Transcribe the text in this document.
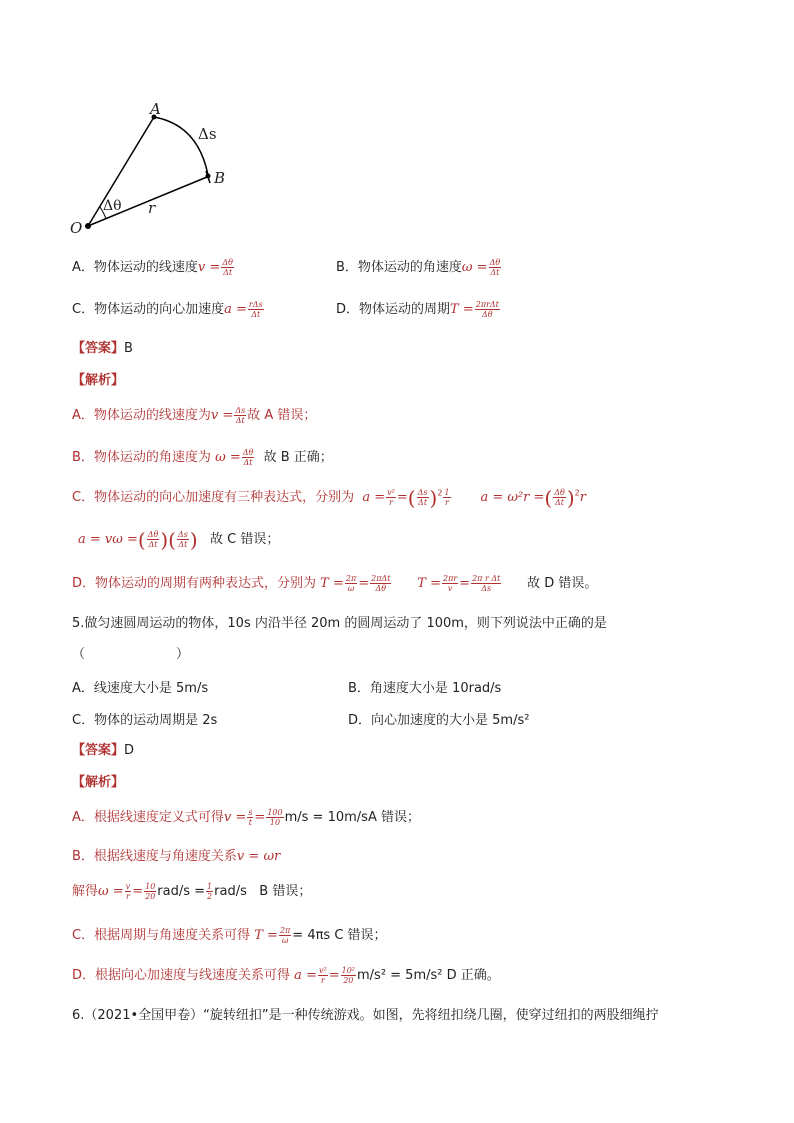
A
Δs
B
Δθ r
O
A．物体运动的线速度$v = \frac{\Delta\theta}{\Delta t}$	B．物体运动的角速度$\omega = \frac{\Delta\theta}{\Delta t}$
C．物体运动的向心加速度$a = \frac{\text{rΔs}}{\Delta t}$	D．物体运动的周期$T = \frac{\text{2πrΔt}}{\Delta\theta}$
【答案】B
【解析】
A．物体运动的线速度为$v = \frac{\Delta s}{\Delta t}$ 故 A 错误；
B．物体运动的角速度为 $\omega = \frac{\Delta\theta}{\Delta t}$ 故 B 正确；
C．物体运动的向心加速度有三种表达式，分别为 $a = \frac{\text{v²}}{r}$ =( $\frac{\Delta s}{\Delta t} )^2 \frac{1}{r}$ a = ω²r =( $\frac{\Delta\theta}{\Delta t} )^2r$
a = vω =( $\frac{\Delta\theta}{\Delta t}$ )( $\frac{\Delta s}{\Delta t}$ ) 故 C 错误；
D．物体运动的周期有两种表达式，分别为 $T = \frac{2\pi}{\omega} = \frac{\text{2πΔt}}{\Delta\theta}$ $T = \frac{2\pi r}{v} = \frac{\text{2π r Δt}}{\Delta s}$ 故 D 错误。
5.做匀速圆周运动的物体，10s 内沿半径 20m 的圆周运动了 100m，则下列说法中正确的是
（　　　　　　　）
A．线速度大小是 5m/s	B．角速度大小是 10rad/s
C．物体的运动周期是 2s	D．向心加速度的大小是 5m/s²
【答案】D
【解析】
A．根据线速度定义式可得$v = \frac{s}{t} = \frac{100}{10} m/s = 10m/sA$ 错误；
B．根据线速度与角速度关系v = ωr
解得$\omega = \frac{v}{r} = \frac{10}{20} rad/s = \frac{1}{2} rad/s$ B 错误；
C．根据周期与角速度关系可得 $T = \frac{2\pi}{\omega} = 4\pi s$ C 错误；
D．根据向心加速度与线速度关系可得 $a = \frac{\text{v²}}{r} = \frac{\text{10²}}{20} m/s^2 = 5m/s^2$ D 正确。
6.（2021•全国甲卷）“旋转纽扣”是一种传统游戏。如图，先将纽扣绕几圈，使穿过纽扣的两股细绳拧
